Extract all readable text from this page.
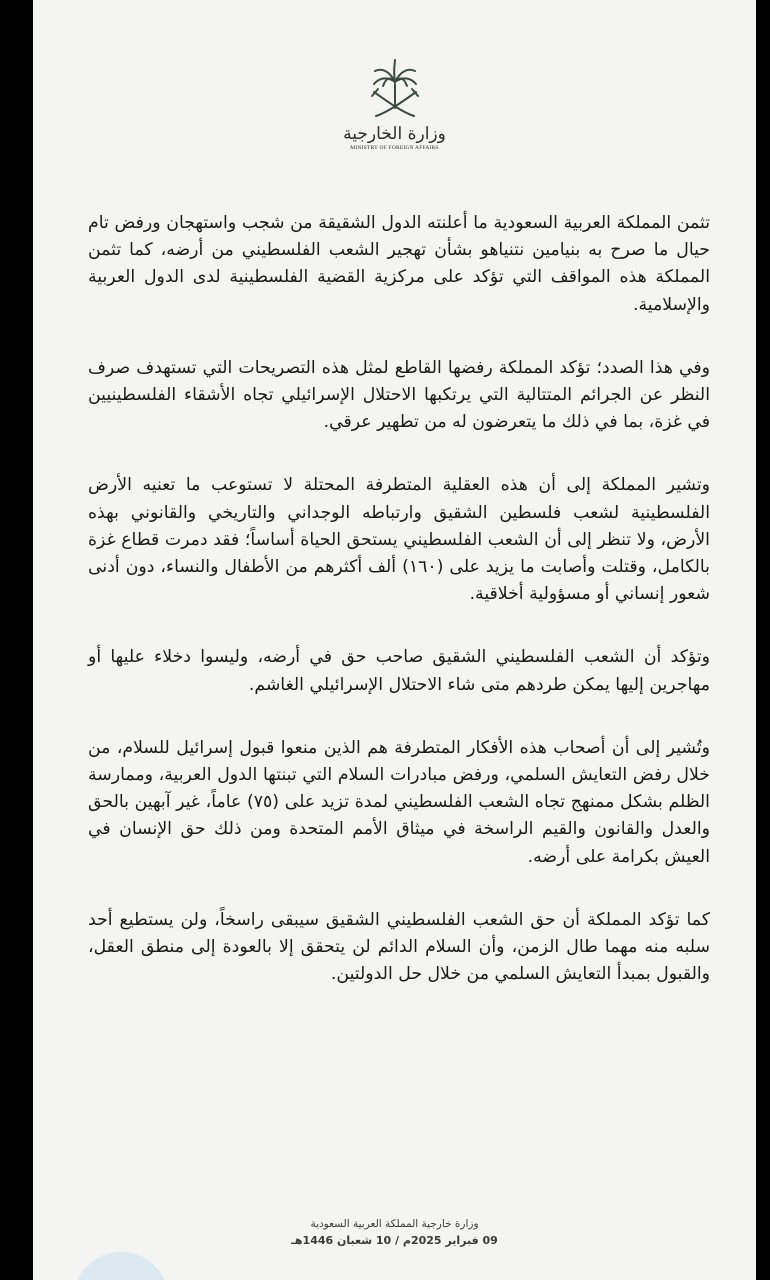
وزارة الخارجية
MINISTRY OF FOREIGN AFFAIRS

تثمن المملكة العربية السعودية ما أعلنته الدول الشقيقة من شجب واستهجان ورفض تام حيال ما صرح به بنيامين نتنياهو بشأن تهجير الشعب الفلسطيني من أرضه، كما تثمن المملكة هذه المواقف التي تؤكد على مركزية القضية الفلسطينية لدى الدول العربية والإسلامية.

وفي هذا الصدد؛ تؤكد المملكة رفضها القاطع لمثل هذه التصريحات التي تستهدف صرف النظر عن الجرائم المتتالية التي يرتكبها الاحتلال الإسرائيلي تجاه الأشقاء الفلسطينيين في غزة، بما في ذلك ما يتعرضون له من تطهير عرقي.

وتشير المملكة إلى أن هذه العقلية المتطرفة المحتلة لا تستوعب ما تعنيه الأرض الفلسطينية لشعب فلسطين الشقيق وارتباطه الوجداني والتاريخي والقانوني بهذه الأرض، ولا تنظر إلى أن الشعب الفلسطيني يستحق الحياة أساساً؛ فقد دمرت قطاع غزة بالكامل، وقتلت وأصابت ما يزيد على (١٦٠) ألف أكثرهم من الأطفال والنساء، دون أدنى شعور إنساني أو مسؤولية أخلاقية.

وتؤكد أن الشعب الفلسطيني الشقيق صاحب حق في أرضه، وليسوا دخلاء عليها أو مهاجرين إليها يمكن طردهم متى شاء الاحتلال الإسرائيلي الغاشم.

وتُشير إلى أن أصحاب هذه الأفكار المتطرفة هم الذين منعوا قبول إسرائيل للسلام، من خلال رفض التعايش السلمي، ورفض مبادرات السلام التي تبنتها الدول العربية، وممارسة الظلم بشكل ممنهج تجاه الشعب الفلسطيني لمدة تزيد على (٧٥) عاماً، غير آبهين بالحق والعدل والقانون والقيم الراسخة في ميثاق الأمم المتحدة ومن ذلك حق الإنسان في العيش بكرامة على أرضه.

كما تؤكد المملكة أن حق الشعب الفلسطيني الشقيق سيبقى راسخاً، ولن يستطيع أحد سلبه منه مهما طال الزمن، وأن السلام الدائم لن يتحقق إلا بالعودة إلى منطق العقل، والقبول بمبدأ التعايش السلمي من خلال حل الدولتين.

وزارة خارجية المملكة العربية السعودية
09 فبراير 2025م / 10 شعبان 1446هـ
